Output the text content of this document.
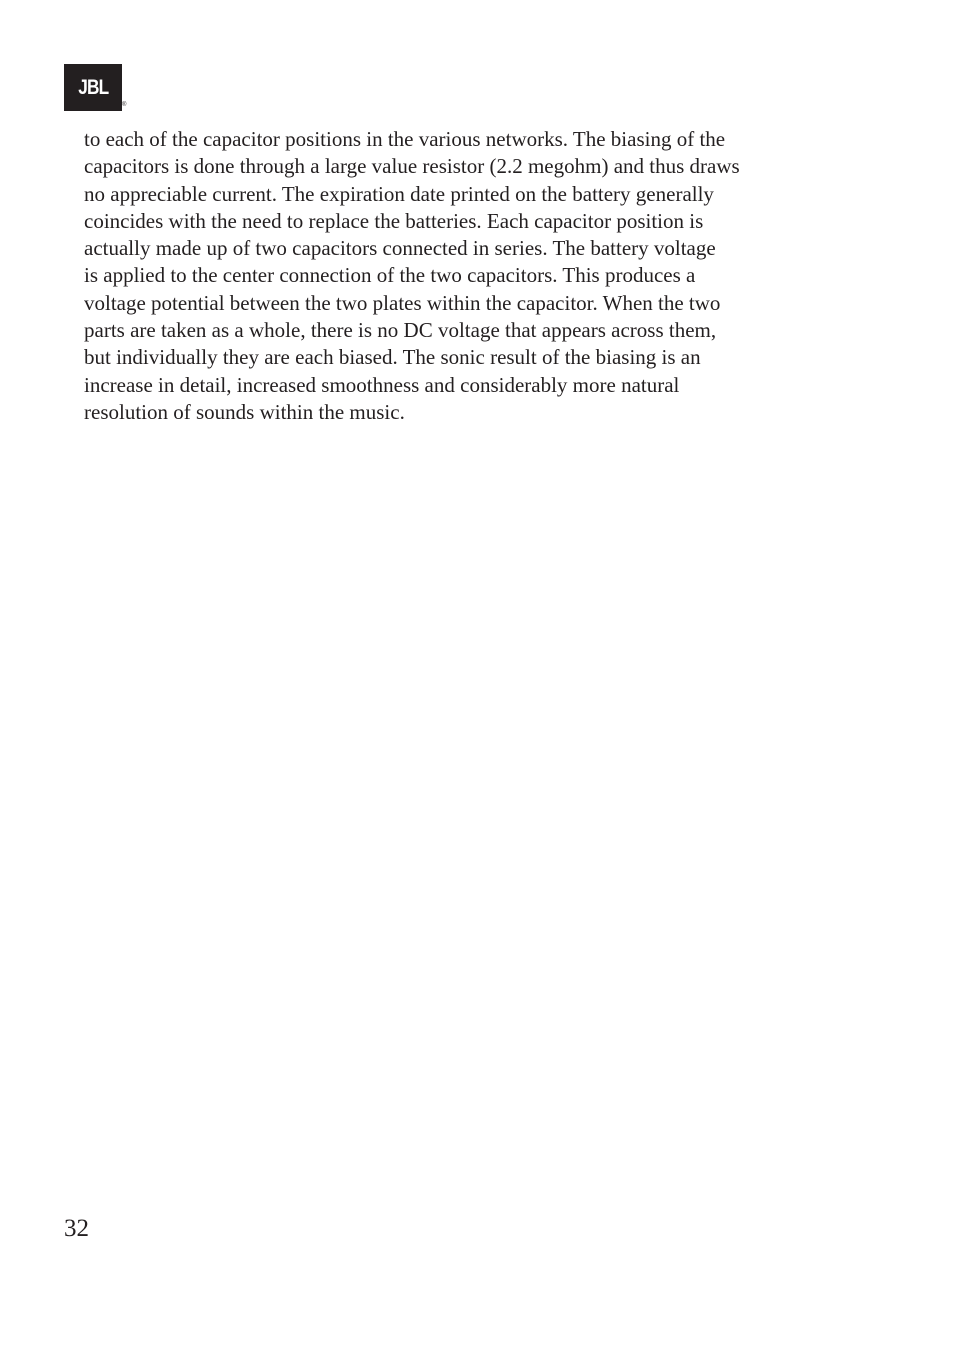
JBL
®

to each of the capacitor positions in the various networks. The biasing of the
capacitors is done through a large value resistor (2.2 megohm) and thus draws
no appreciable current. The expiration date printed on the battery generally
coincides with the need to replace the batteries. Each capacitor position is
actually made up of two capacitors connected in series. The battery voltage
is applied to the center connection of the two capacitors. This produces a
voltage potential between the two plates within the capacitor. When the two
parts are taken as a whole, there is no DC voltage that appears across them,
but individually they are each biased. The sonic result of the biasing is an
increase in detail, increased smoothness and considerably more natural
resolution of sounds within the music.

32
